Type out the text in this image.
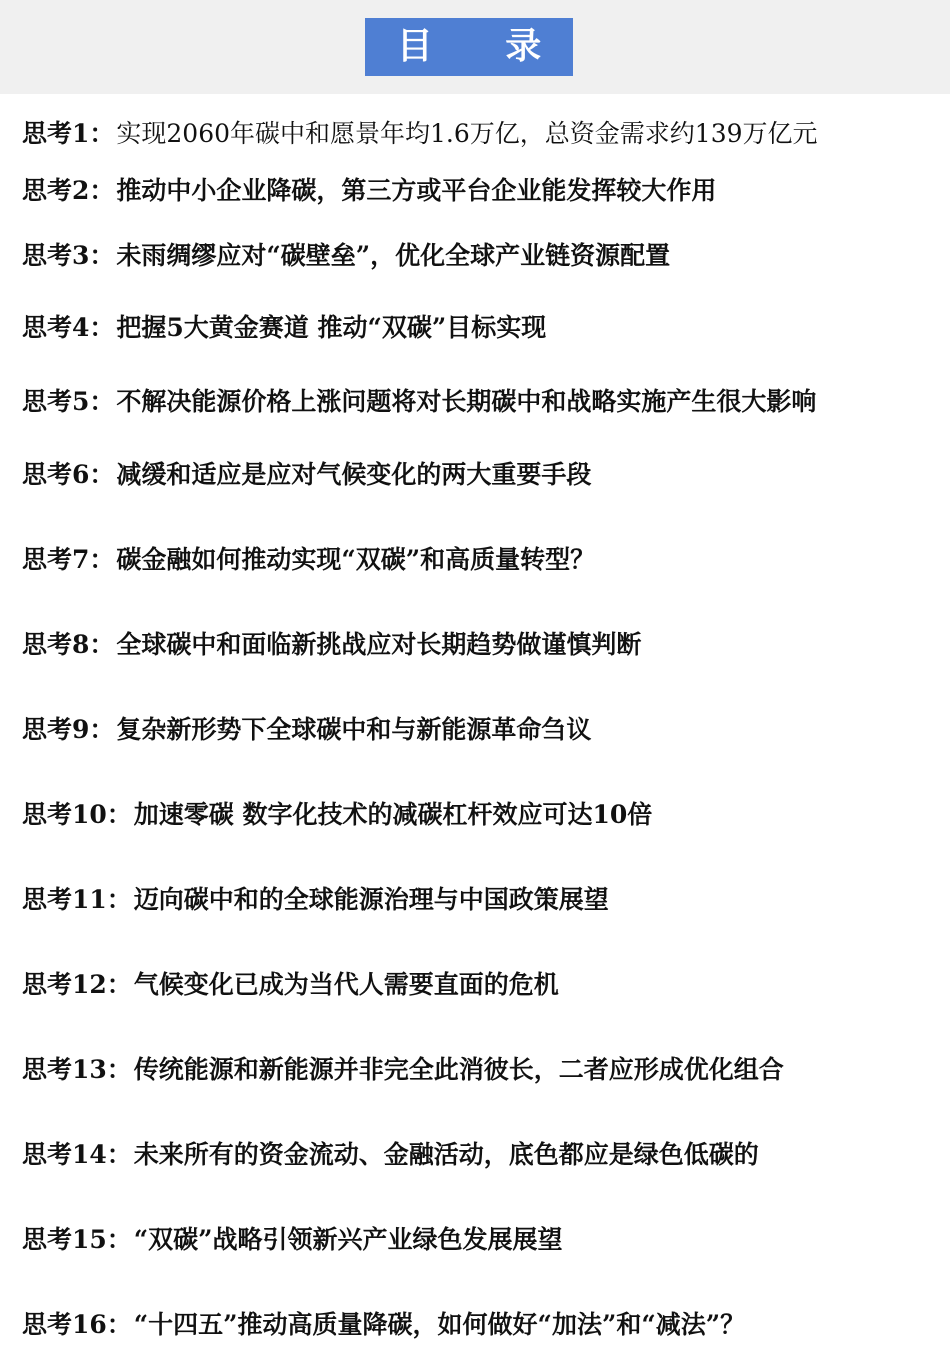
目 录
思考1：实现2060年碳中和愿景年均1.6万亿，总资金需求约139万亿元
思考2：推动中小企业降碳，第三方或平台企业能发挥较大作用
思考3：未雨绸缪应对“碳壁垒”，优化全球产业链资源配置
思考4：把握5大黄金赛道 推动“双碳”目标实现
思考5：不解决能源价格上涨问题将对长期碳中和战略实施产生很大影响
思考6：减缓和适应是应对气候变化的两大重要手段
思考7：碳金融如何推动实现“双碳”和高质量转型？
思考8：全球碳中和面临新挑战应对长期趋势做谨慎判断
思考9：复杂新形势下全球碳中和与新能源革命刍议
思考10：加速零碳 数字化技术的减碳杠杆效应可达10倍
思考11：迈向碳中和的全球能源治理与中国政策展望
思考12：气候变化已成为当代人需要直面的危机
思考13：传统能源和新能源并非完全此消彼长，二者应形成优化组合
思考14：未来所有的资金流动、金融活动，底色都应是绿色低碳的
思考15：“双碳”战略引领新兴产业绿色发展展望
思考16：“十四五”推动高质量降碳，如何做好“加法”和“减法”？
